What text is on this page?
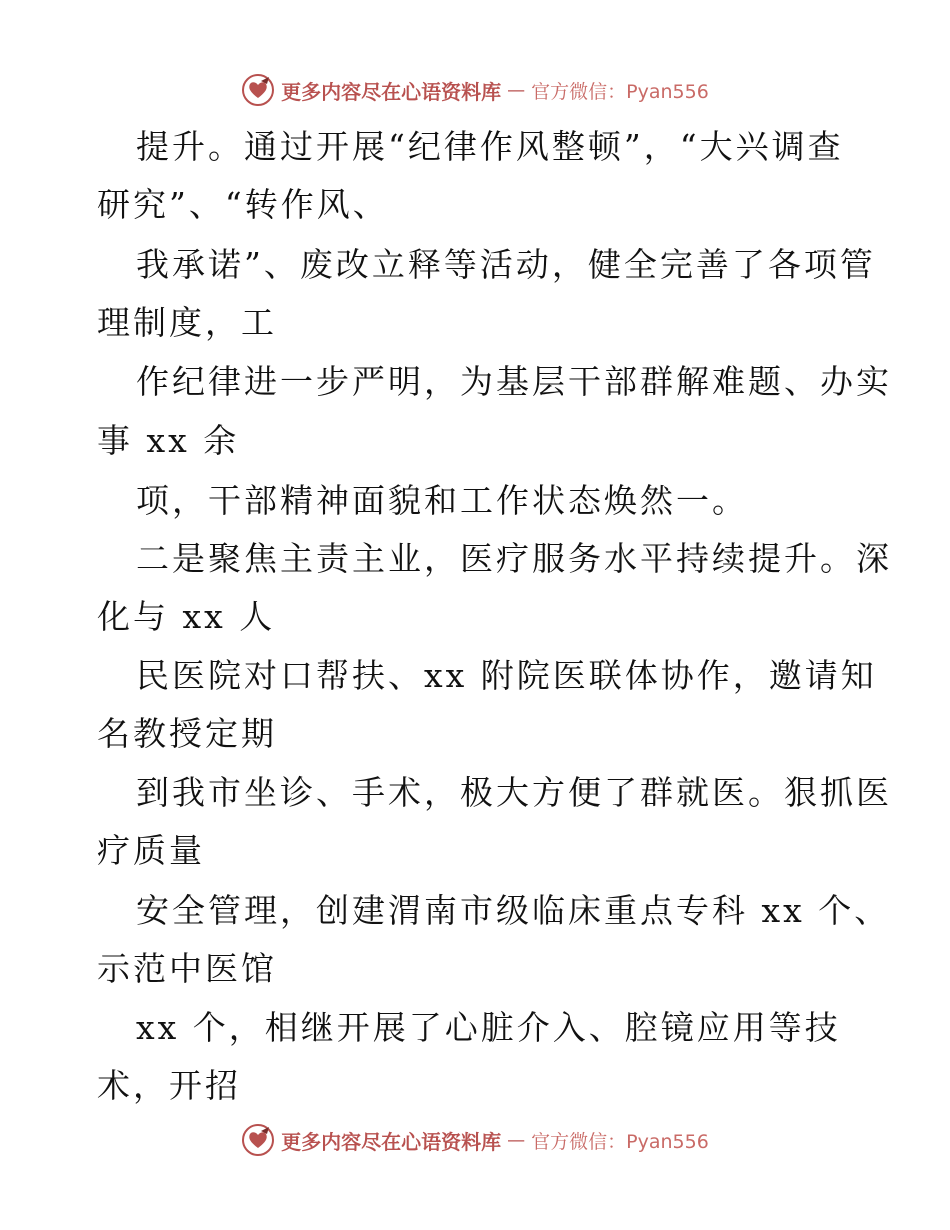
更多内容尽在心语资料库 — 官方微信：Pyan556
提升。通过开展“纪律作风整顿”，“大兴调查
研究”、“转作风、
我承诺”、废改立释等活动，健全完善了各项管
理制度，工
作纪律进一步严明，为基层干部群解难题、办实
事 xx 余
项，干部精神面貌和工作状态焕然一。
二是聚焦主责主业，医疗服务水平持续提升。深
化与 xx 人
民医院对口帮扶、xx 附院医联体协作，邀请知
名教授定期
到我市坐诊、手术，极大方便了群就医。狠抓医
疗质量
安全管理，创建渭南市级临床重点专科 xx 个、
示范中医馆
xx 个，相继开展了心脏介入、腔镜应用等技
术，开招
更多内容尽在心语资料库 — 官方微信：Pyan556
